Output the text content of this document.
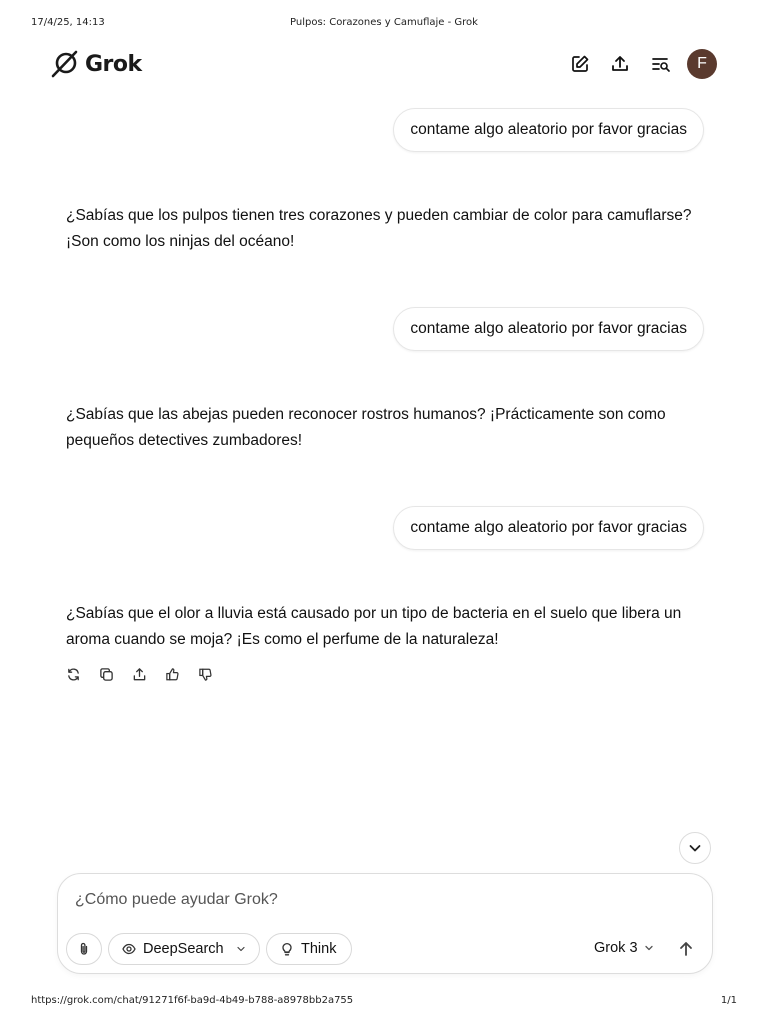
17/4/25, 14:13	Pulpos: Corazones y Camuflaje - Grok
Grok	F
contame algo aleatorio por favor gracias
¿Sabías que los pulpos tienen tres corazones y pueden cambiar de color para camuflarse? ¡Son como los ninjas del océano!
contame algo aleatorio por favor gracias
¿Sabías que las abejas pueden reconocer rostros humanos? ¡Prácticamente son como pequeños detectives zumbadores!
contame algo aleatorio por favor gracias
¿Sabías que el olor a lluvia está causado por un tipo de bacteria en el suelo que libera un aroma cuando se moja? ¡Es como el perfume de la naturaleza!
¿Cómo puede ayudar Grok?
DeepSearch	Think	Grok 3
https://grok.com/chat/91271f6f-ba9d-4b49-b788-a8978bb2a755	1/1
